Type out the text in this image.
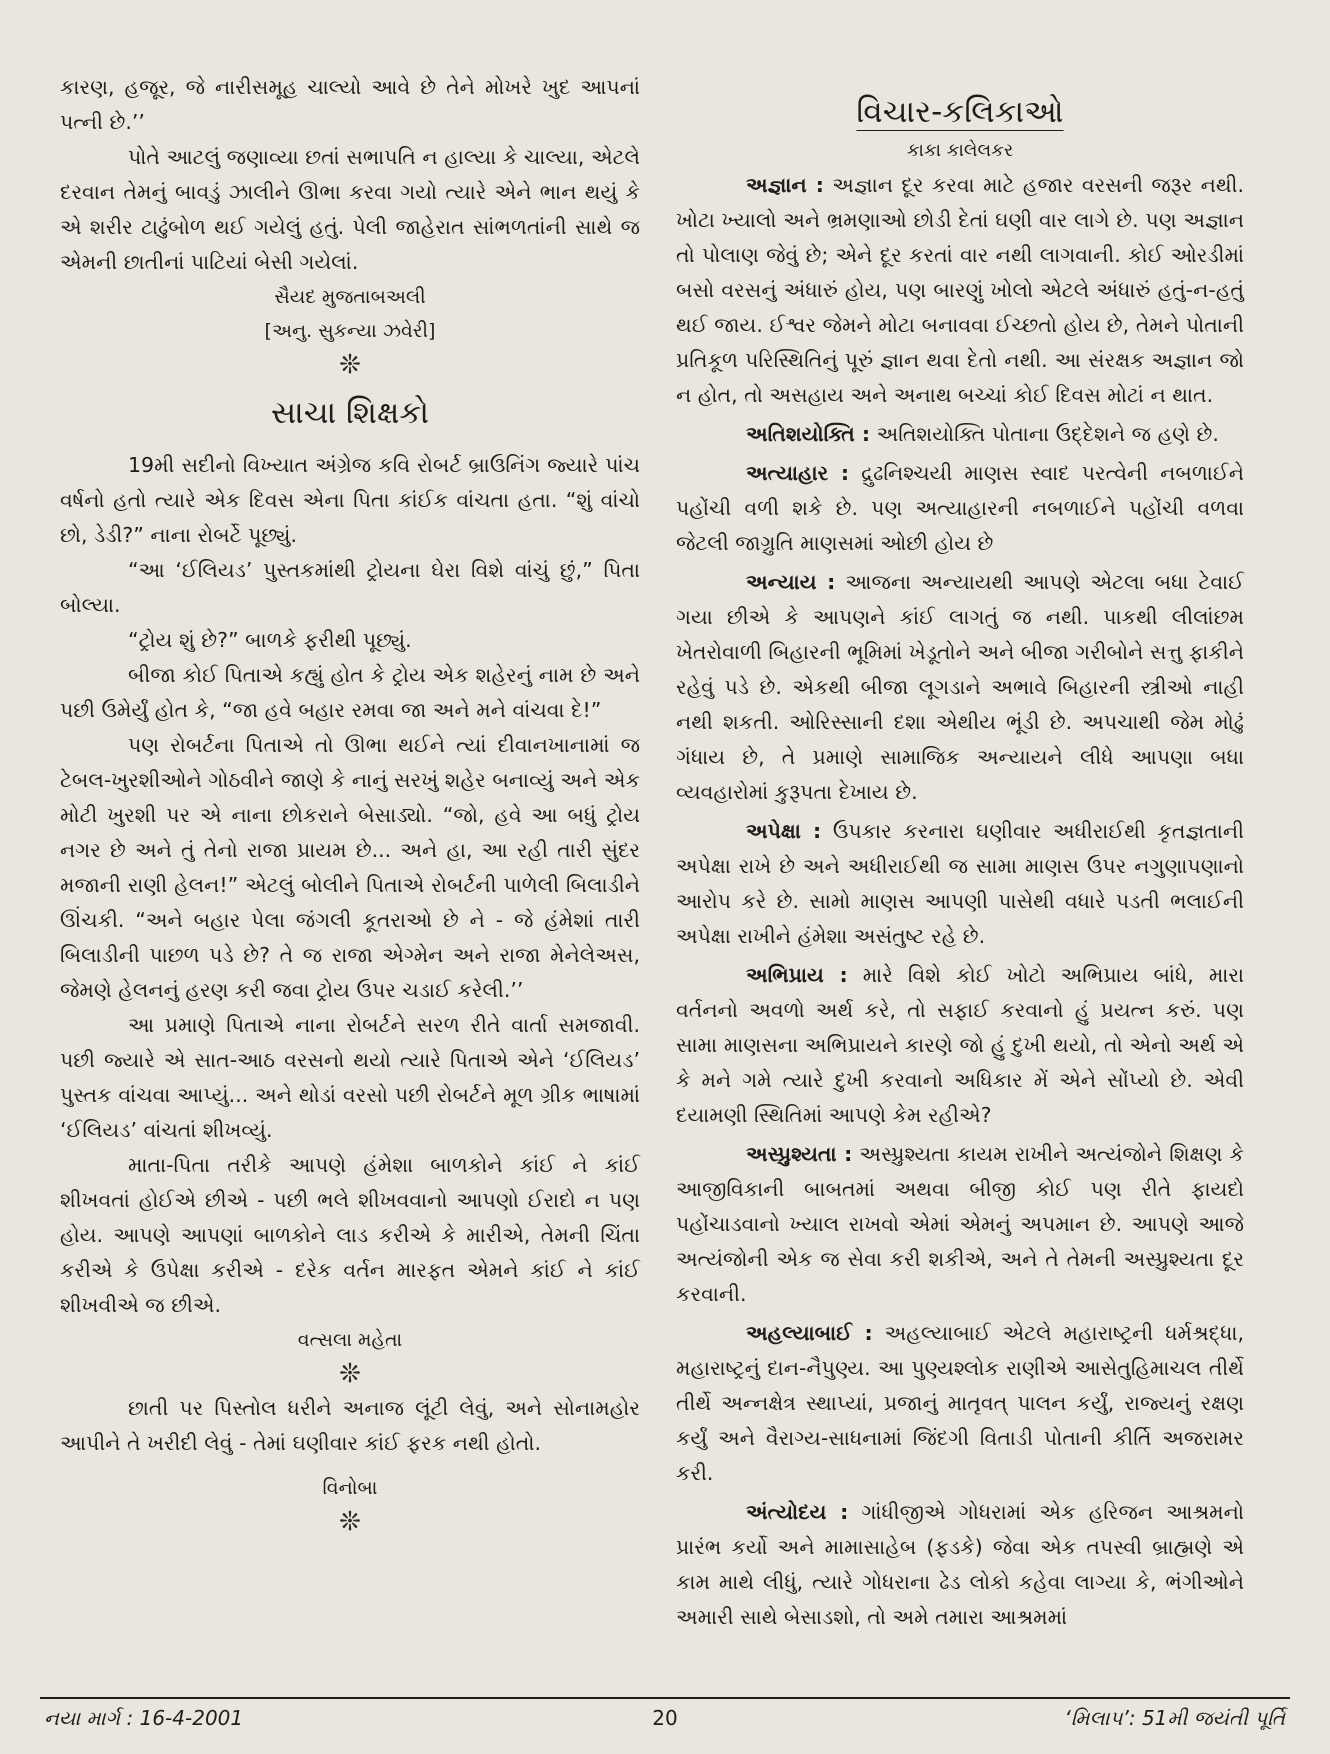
કારણ, હજૂર, જે નારીસમૂહ ચાલ્યો આવે છે તેને મોખરે ખુદ આપનાં પત્ની છે.’’

પોતે આટલું જણાવ્યા છતાં સભાપતિ ન હાલ્યા કે ચાલ્યા, એટલે દરવાન તેમનું બાવડું ઝાલીને ઊભા કરવા ગયો ત્યારે એને ભાન થયું કે એ શરીર ટાઢુંબોળ થઈ ગયેલું હતું. પેલી જાહેરાત સાંભળતાંની સાથે જ એમની છાતીનાં પાટિયાં બેસી ગયેલાં.

સૈયદ મુજતાબઅલી
[અનુ. સુકન્યા ઝવેરી]
❊
સાચા શિક્ષકો

19મી સદીનો વિખ્યાત અંગ્રેજ કવિ રોબર્ટ બ્રાઉનિંગ જ્યારે પાંચ વર્ષનો હતો ત્યારે એક દિવસ એના પિતા કાંઈક વાંચતા હતા. “શું વાંચો છો, ડેડી?” નાના રોબર્ટે પૂછ્યું.

“આ ‘ઈલિયડ’ પુસ્તકમાંથી ટ્રોયના ઘેરા વિશે વાંચું છું,” પિતા બોલ્યા.

“ટ્રોય શું છે?” બાળકે ફરીથી પૂછ્યું.

બીજા કોઈ પિતાએ કહ્યું હોત કે ટ્રોય એક શહેરનું નામ છે અને પછી ઉમેર્યું હોત કે, “જા હવે બહાર રમવા જા અને મને વાંચવા દે!”

પણ રોબર્ટના પિતાએ તો ઊભા થઈને ત્યાં દીવાનખાનામાં જ ટેબલ-ખુરશીઓને ગોઠવીને જાણે કે નાનું સરખું શહેર બનાવ્યું અને એક મોટી ખુરશી પર એ નાના છોકરાને બેસાડ્યો. “જો, હવે આ બધું ટ્રોય નગર છે અને તું તેનો રાજા પ્રાયમ છે... અને હા, આ રહી તારી સુંદર મજાની રાણી હેલન!” એટલું બોલીને પિતાએ રોબર્ટની પાળેલી બિલાડીને ઊંચકી. “અને બહાર પેલા જંગલી કૂતરાઓ છે ને - જે હંમેશાં તારી બિલાડીની પાછળ પડે છે? તે જ રાજા એગ્મેન અને રાજા મેનેલેઅસ, જેમણે હેલનનું હરણ કરી જવા ટ્રોય ઉપર ચડાઈ કરેલી.’’

આ પ્રમાણે પિતાએ નાના રોબર્ટને સરળ રીતે વાર્તા સમજાવી. પછી જ્યારે એ સાત-આઠ વરસનો થયો ત્યારે પિતાએ એને ‘ઈલિયડ’ પુસ્તક વાંચવા આપ્યું... અને થોડાં વરસો પછી રોબર્ટને મૂળ ગ્રીક ભાષામાં ‘ઈલિયડ’ વાંચતાં શીખવ્યું.

માતા-પિતા તરીકે આપણે હંમેશા બાળકોને કાંઈ ને કાંઈ શીખવતાં હોઈએ છીએ - પછી ભલે શીખવવાનો આપણો ઈરાદો ન પણ હોય. આપણે આપણાં બાળકોને લાડ કરીએ કે મારીએ, તેમની ચિંતા કરીએ કે ઉપેક્ષા કરીએ - દરેક વર્તન મારફત એમને કાંઈ ને કાંઈ શીખવીએ જ છીએ.

વત્સલા મહેતા
❊

છાતી પર પિસ્તોલ ધરીને અનાજ લૂંટી લેવું, અને સોનામહોર આપીને તે ખરીદી લેવું - તેમાં ઘણીવાર કાંઈ ફરક નથી હોતો.

વિનોબા
❊
વિચાર-કલિકાઓ
કાકા કાલેલકર

અજ્ઞાન : અજ્ઞાન દૂર કરવા માટે હજાર વરસની જરૂર નથી. ખોટા ખ્યાલો અને ભ્રમણાઓ છોડી દેતાં ઘણી વાર લાગે છે. પણ અજ્ઞાન તો પોલાણ જેવું છે; એને દૂર કરતાં વાર નથી લાગવાની. કોઈ ઓરડીમાં બસો વરસનું અંધારું હોય, પણ બારણું ખોલો એટલે અંધારું હતું-ન-હતું થઈ જાય. ઈશ્વર જેમને મોટા બનાવવા ઈચ્છતો હોય છે, તેમને પોતાની પ્રતિકૂળ પરિસ્થિતિનું પૂરું જ્ઞાન થવા દેતો નથી. આ સંરક્ષક અજ્ઞાન જો ન હોત, તો અસહાય અને અનાથ બચ્ચાં કોઈ દિવસ મોટાં ન થાત.

અતિશયોક્તિ : અતિશયોક્તિ પોતાના ઉદ્દેશને જ હણે છે.

અત્યાહાર : દ્રુઢનિશ્ચયી માણસ સ્વાદ પરત્વેની નબળાઈને પહોંચી વળી શકે છે. પણ અત્યાહારની નબળાઈને પહોંચી વળવા જેટલી જાગ્રુતિ માણસમાં ઓછી હોય છે

અન્યાય : આજના અન્યાયથી આપણે એટલા બધા ટેવાઈ ગયા છીએ કે આપણને કાંઈ લાગતું જ નથી. પાકથી લીલાંછમ ખેતરોવાળી બિહારની ભૂમિમાં ખેડૂતોને અને બીજા ગરીબોને સત્તુ ફાકીને રહેવું પડે છે. એકથી બીજા લૂગડાને અભાવે બિહારની સ્ત્રીઓ નાહી નથી શકતી. ઓરિસ્સાની દશા એથીય ભૂંડી છે. અપચાથી જેમ મોઢું ગંધાય છે, તે પ્રમાણે સામાજિક અન્યાયને લીધે આપણા બધા વ્યવહારોમાં કુરૂપતા દેખાય છે.

અપેક્ષા : ઉપકાર કરનારા ઘણીવાર અધીરાઈથી કૃતજ્ઞતાની અપેક્ષા રાખે છે અને અધીરાઈથી જ સામા માણસ ઉપર નગુણાપણાનો આરોપ કરે છે. સામો માણસ આપણી પાસેથી વધારે પડતી ભલાઈની અપેક્ષા રાખીને હંમેશા અસંતુષ્ટ રહે છે.

અભિપ્રાય : મારે વિશે કોઈ ખોટો અભિપ્રાય બાંધે, મારા વર્તનનો અવળો અર્થ કરે, તો સફાઈ કરવાનો હું પ્રયત્ન કરું. પણ સામા માણસના અભિપ્રાયને કારણે જો હું દુખી થયો, તો એનો અર્થ એ કે મને ગમે ત્યારે દુખી કરવાનો અધિકાર મેં એને સોંપ્યો છે. એવી દયામણી સ્થિતિમાં આપણે કેમ રહીએ?

અસ્પ્રુશ્યતા : અસ્પ્રુશ્યતા કાયમ રાખીને અત્યંજોને શિક્ષણ કે આજીવિકાની બાબતમાં અથવા બીજી કોઈ પણ રીતે ફાયદો પહોંચાડવાનો ખ્યાલ રાખવો એમાં એમનું અપમાન છે. આપણે આજે અત્યંજોની એક જ સેવા કરી શકીએ, અને તે તેમની અસ્પ્રુશ્યતા દૂર કરવાની.

અહલ્યાબાઈ : અહલ્યાબાઈ એટલે મહારાષ્ટ્રની ધર્મશ્રદ્ધા, મહારાષ્ટ્રનું દાન-નૈપુણ્ય. આ પુણ્યશ્લોક રાણીએ આસેતુહિમાચલ તીર્થે તીર્થે અન્નક્ષેત્ર સ્થાપ્યાં, પ્રજાનું માતૃવત્ પાલન કર્યું, રાજ્યનું રક્ષણ કર્યું અને વૈરાગ્ય-સાધનામાં જિંદગી વિતાડી પોતાની કીર્તિ અજરામર કરી.

અંત્યોદય : ગાંધીજીએ ગોધરામાં એક હરિજન આશ્રમનો પ્રારંભ કર્યો અને મામાસાહેબ (ફડકે) જેવા એક તપસ્વી બ્રાહ્મણે એ કામ માથે લીધું, ત્યારે ગોધરાના ઢેડ લોકો કહેવા લાગ્યા કે, ભંગીઓને અમારી સાથે બેસાડશો, તો અમે તમારા આશ્રમમાં

નયા માર્ગ : 16-4-2001	20	‘મિલાપ’: 51મી જયંતી પૂર્તિ
